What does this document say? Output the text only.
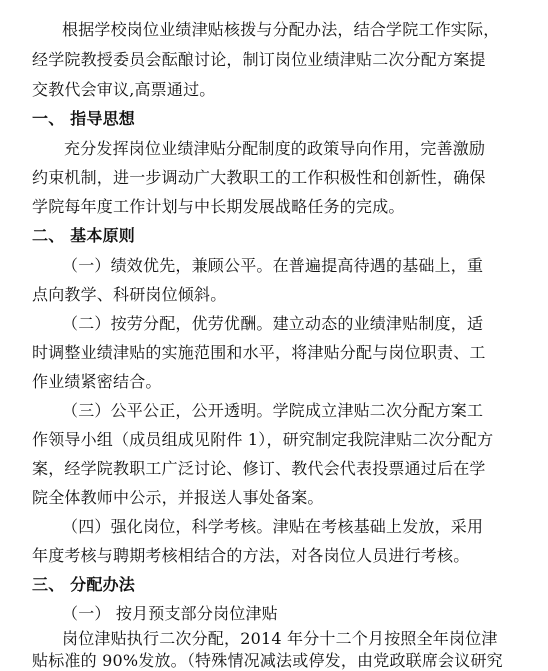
根据学校岗位业绩津贴核拨与分配办法，结合学院工作实际，
经学院教授委员会酝酿讨论，制订岗位业绩津贴二次分配方案提
交教代会审议,高票通过。
一、 指导思想
充分发挥岗位业绩津贴分配制度的政策导向作用，完善激励
约束机制，进一步调动广大教职工的工作积极性和创新性，确保
学院每年度工作计划与中长期发展战略任务的完成。
二、 基本原则
（一）绩效优先，兼顾公平。在普遍提高待遇的基础上，重
点向教学、科研岗位倾斜。
（二）按劳分配，优劳优酬。建立动态的业绩津贴制度，适
时调整业绩津贴的实施范围和水平，将津贴分配与岗位职责、工
作业绩紧密结合。
（三）公平公正，公开透明。学院成立津贴二次分配方案工
作领导小组（成员组成见附件 1），研究制定我院津贴二次分配方
案，经学院教职工广泛讨论、修订、教代会代表投票通过后在学
院全体教师中公示，并报送人事处备案。
（四）强化岗位，科学考核。津贴在考核基础上发放，采用
年度考核与聘期考核相结合的方法，对各岗位人员进行考核。
三、 分配办法
（一） 按月预支部分岗位津贴
岗位津贴执行二次分配，2014 年分十二个月按照全年岗位津
贴标准的 90%发放。（特殊情况减法或停发，由党政联席会议研究
